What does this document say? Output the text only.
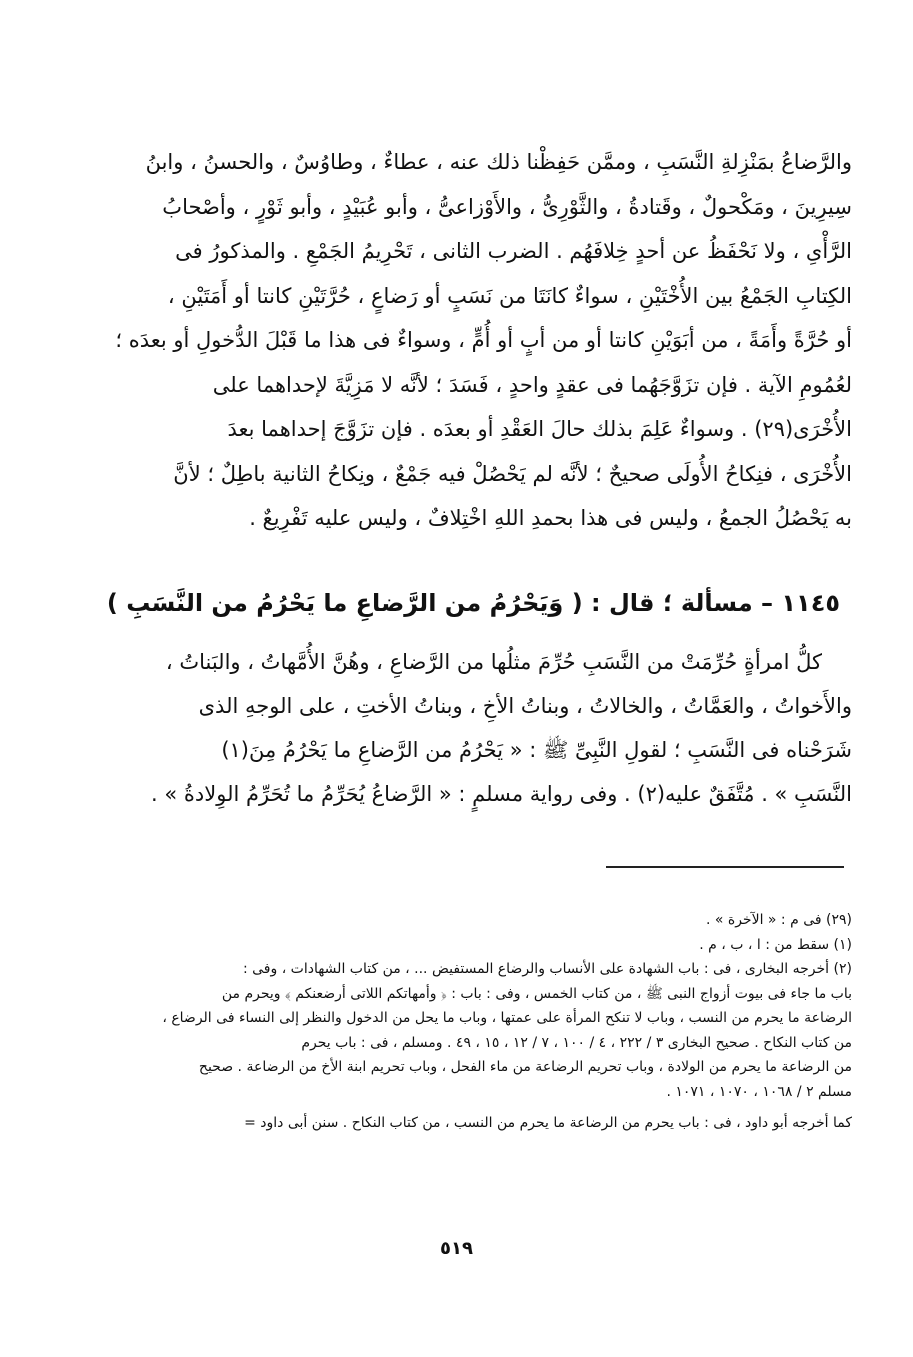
والرَّضاعُ بمَنْزِلةِ النَّسَبِ ، وممَّن حَفِظْنا ذلك عنه ، عطاءٌ ، وطاوُسٌ ، والحسنُ ، وابنُ
سِيرِينَ ، ومَكْحولٌ ، وقَتادةُ ، والثَّوْرِىُّ ، والأَوْزاعىُّ ، وأبو عُبَيْدٍ ، وأبو ثَوْرٍ ، وأصْحابُ
الرَّأْىِ ، ولا نَحْفَظُ عن أحدٍ خِلافَهُم . الضرب الثانى ، تَحْرِيمُ الجَمْعِ . والمذكورُ فى
الكِتابِ الجَمْعُ بين الأُخْتَيْنِ ، سواءٌ كانَتَا من نَسَبٍ أو رَضاعٍ ، حُرَّتَيْنِ كانتا أو أَمَتَيْنِ ،
أو حُرَّةً وأَمَةً ، من أبَوَيْنِ كانتا أو من أبٍ أو أُمٍّ ، وسواءٌ فى هذا ما قَبْلَ الدُّخولِ أو بعدَه ؛
لعُمُومِ الآية . فإن تزَوَّجَهُما فى عقدٍ واحدٍ ، فَسَدَ ؛ لأنَّه لا مَزِيَّةَ لإحداهما على
الأُخْرَى(٢٩) . وسواءٌ عَلِمَ بذلك حالَ العَقْدِ أو بعدَه . فإن تزَوَّجَ إحداهما بعدَ
الأُخْرَى ، فنِكاحُ الأُولَى صحيحٌ ؛ لأنَّه لم يَحْصُلْ فيه جَمْعٌ ، ونِكاحُ الثانية باطِلٌ ؛ لأنَّ
به يَحْصُلُ الجمعُ ، وليس فى هذا بحمدِ اللهِ اخْتِلافٌ ، وليس عليه تَفْرِيعٌ .
١١٤٥ – مسألة ؛ قال : ( وَيَحْرُمُ من الرَّضاعِ ما يَحْرُمُ من النَّسَبِ )
كلُّ امرأةٍ حُرِّمَتْ من النَّسَبِ حُرِّمَ مثلُها من الرَّضاعِ ، وهُنَّ الأُمَّهاتُ ، والبَناتُ ،
والأَخواتُ ، والعَمَّاتُ ، والخالاتُ ، وبناتُ الأخِ ، وبناتُ الأختِ ، على الوجهِ الذى
شَرَحْناه فى النَّسَبِ ؛ لقولِ النَّبِىِّ ﷺ : « يَحْرُمُ من الرَّضاعِ ما يَحْرُمُ مِنَ(١)
النَّسَبِ » . مُتَّفَقٌ عليه(٢) . وفى رواية مسلمٍ : « الرَّضاعُ يُحَرِّمُ ما تُحَرِّمُ الوِلادةُ » .
(٢٩) فى م : « الآخرة » .
(١) سقط من : ا ، ب ، م .
(٢) أخرجه البخارى ، فى : باب الشهادة على الأنساب والرضاع المستفيض ... ، من كتاب الشهادات ، وفى :
باب ما جاء فى بيوت أزواج النبى ﷺ ، من كتاب الخمس ، وفى : باب : ﴿ وأمهاتكم اللاتى أرضعنكم ﴾ ويحرم من
الرضاعة ما يحرم من النسب ، وباب لا تنكح المرأة على عمتها ، وباب ما يحل من الدخول والنظر إلى النساء فى الرضاع ،
من كتاب النكاح . صحيح البخارى ٣ / ٢٢٢ ، ٤ / ١٠٠ ، ٧ / ١٢ ، ١٥ ، ٤٩ . ومسلم ، فى : باب يحرم
من الرضاعة ما يحرم من الولادة ، وباب تحريم الرضاعة من ماء الفحل ، وباب تحريم ابنة الأخ من الرضاعة . صحيح
مسلم ٢ / ١٠٦٨ ، ١٠٧٠ ، ١٠٧١ .
كما أخرجه أبو داود ، فى : باب يحرم من الرضاعة ما يحرم من النسب ، من كتاب النكاح . سنن أبى داود =
٥١٩
